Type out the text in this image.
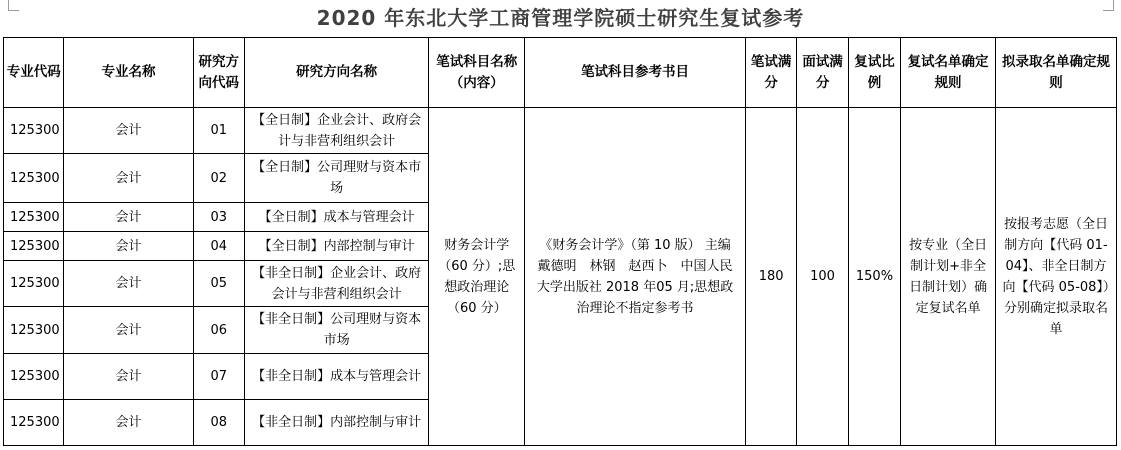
2020 年东北大学工商管理学院硕士研究生复试参考
专业代码	专业名称	研究方向代码	研究方向名称	笔试科目名称（内容）	笔试科目参考书目	笔试满分	面试满分	复试比例	复试名单确定规则	拟录取名单确定规则
125300	会计	01	【全日制】企业会计、政府会计与非营利组织会计	财务会计学（60 分）;思想政治理论（60 分）	《财务会计学》（第 10 版） 主编　戴德明　林钢　赵西卜　中国人民大学出版社 2018 年05 月;思想政治理论不指定参考书	180	100	150%	按专业（全日制计划+非全日制计划）确定复试名单	按报考志愿（全日制方向【代码 01-04】、非全日制方向【代码 05-08】）分别确定拟录取名单
125300	会计	02	【全日制】公司理财与资本市场							
125300	会计	03	【全日制】成本与管理会计							
125300	会计	04	【全日制】内部控制与审计							
125300	会计	05	【非全日制】企业会计、政府会计与非营利组织会计							
125300	会计	06	【非全日制】公司理财与资本市场							
125300	会计	07	【非全日制】成本与管理会计							
125300	会计	08	【非全日制】内部控制与审计							
